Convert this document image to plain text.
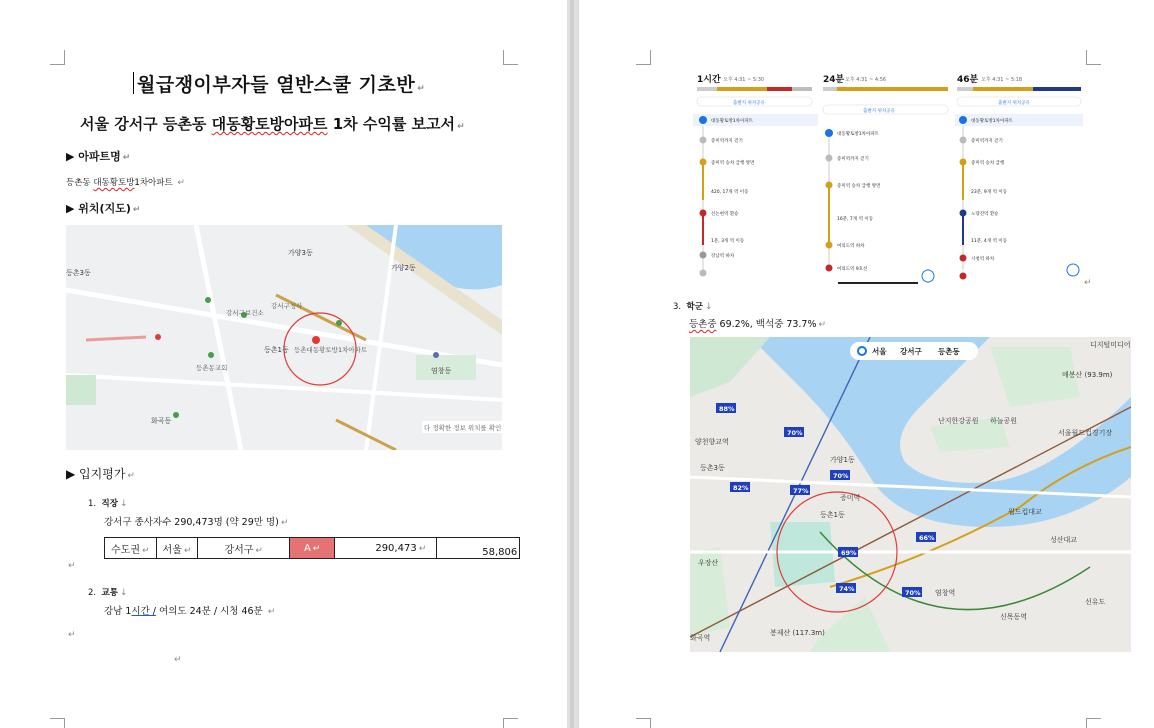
월급쟁이부자들 열반스쿨 기초반 ↵
서울 강서구 등촌동 대동황토방아파트 1차 수익률 보고서 ↵
▶ 아파트명 ↵
등촌동 대동황토방1차아파트 ↵
▶ 위치(지도) ↵
등촌3동
가양3동
가양2동
등촌1동
화곡동
염창동
다 정확한 정보 위치를 확인
등촌대동황토방1차아파트
강서구보건소
강서구청사
등촌동교회
▶ 입지평가 ↵
1. 직장 ↓
강서구 종사자수 290,473명 (약 29만 명) ↵
수도권 ↵	서울 ↵	강서구 ↵	A ↵	290,473 ↵	58,806
↵
2. 교통 ↓
강남 1시간 / 여의도 24분 / 시청 46분 ↵
↵
↵
1시간 오후 4:31 ~ 5:30
출발지 위치공유
대동황토방1차아파트
증미역까지 걷기
증미역 승차 급행 방면
420, 17개 역 이동
신논현역 환승
1분, 3개 역 이동
강남역 하차
24분 오후 4:31 ~ 4:56
출발지 위치공유
대동황토방1차아파트
증미역까지 걷기
증미역 승차 급행 방면
16분, 7개 역 이동
여의도역 하차
여의도역 9호선
46분 오후 4:31 ~ 5:18
출발지 위치공유
대동황토방1차아파트
증미역까지 걷기
증미역 승차 급행
23분, 9개 역 이동
노량진역 환승
11분, 4개 역 이동
시청역 하차
↵
3. 학군 ↓
등촌중 69.2%, 백석중 73.7% ↵
서울 강서구 등촌동
88%
70%
82%	77%
70%
69%
74%	70%
66%
양천향교역
등촌3동
등촌1동
증미역
가양1동
염창역
화곡역
우장산
신목동역
디지털미디어
월드컵대교
선유도
성산대교
난지한강공원 하늘공원
봉제산 (117.3m)
서울월드컵경기장
매봉산 (93.9m)
